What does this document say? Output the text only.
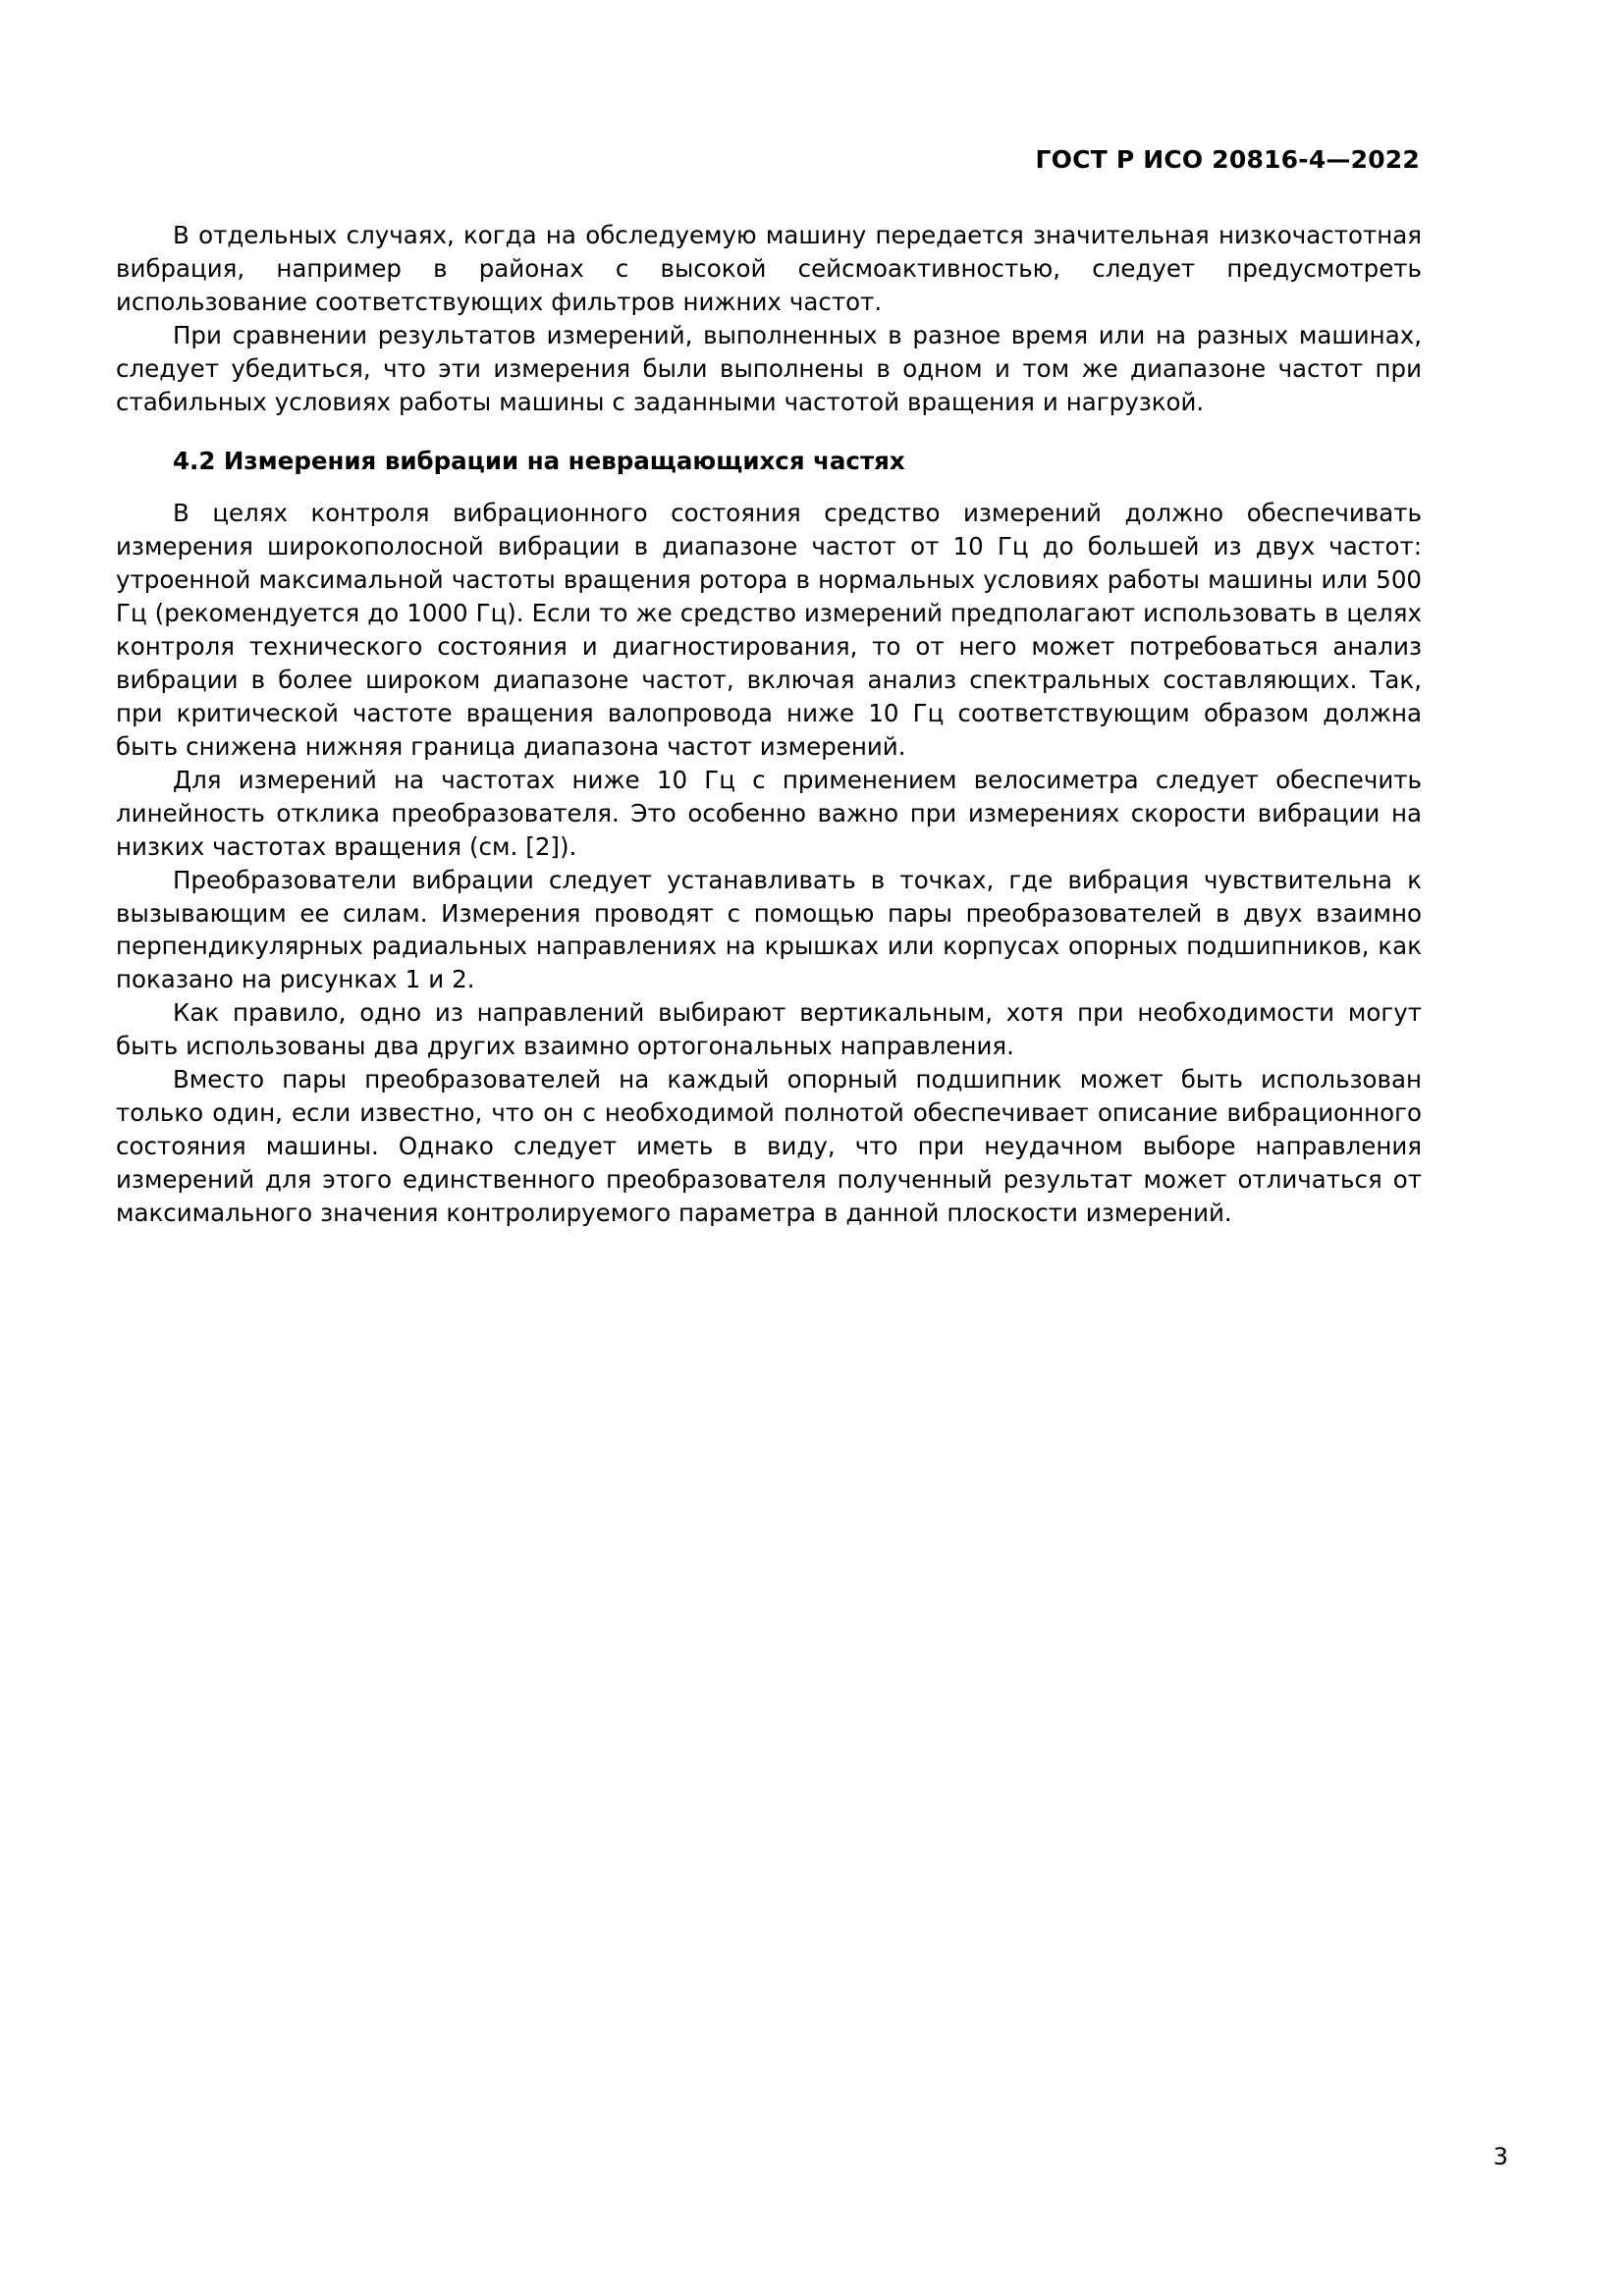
ГОСТ Р ИСО 20816-4—2022

В отдельных случаях, когда на обследуемую машину передается значительная низкочастотная вибрация, например в районах с высокой сейсмоактивностью, следует предусмотреть использование соответствующих фильтров нижних частот.

При сравнении результатов измерений, выполненных в разное время или на разных машинах, следует убедиться, что эти измерения были выполнены в одном и том же диапазоне частот при стабильных условиях работы машины с заданными частотой вращения и нагрузкой.

4.2 Измерения вибрации на невращающихся частях

В целях контроля вибрационного состояния средство измерений должно обеспечивать измерения широкополосной вибрации в диапазоне частот от 10 Гц до большей из двух частот: утроенной максимальной частоты вращения ротора в нормальных условиях работы машины или 500 Гц (рекомендуется до 1000 Гц). Если то же средство измерений предполагают использовать в целях контроля технического состояния и диагностирования, то от него может потребоваться анализ вибрации в более широком диапазоне частот, включая анализ спектральных составляющих. Так, при критической частоте вращения валопровода ниже 10 Гц соответствующим образом должна быть снижена нижняя граница диапазона частот измерений.

Для измерений на частотах ниже 10 Гц с применением велосиметра следует обеспечить линейность отклика преобразователя. Это особенно важно при измерениях скорости вибрации на низких частотах вращения (см. [2]).

Преобразователи вибрации следует устанавливать в точках, где вибрация чувствительна к вызывающим ее силам. Измерения проводят с помощью пары преобразователей в двух взаимно перпендикулярных радиальных направлениях на крышках или корпусах опорных подшипников, как показано на рисунках 1 и 2.

Как правило, одно из направлений выбирают вертикальным, хотя при необходимости могут быть использованы два других взаимно ортогональных направления.

Вместо пары преобразователей на каждый опорный подшипник может быть использован только один, если известно, что он с необходимой полнотой обеспечивает описание вибрационного состояния машины. Однако следует иметь в виду, что при неудачном выборе направления измерений для этого единственного преобразователя полученный результат может отличаться от максимального значения контролируемого параметра в данной плоскости измерений.

3
